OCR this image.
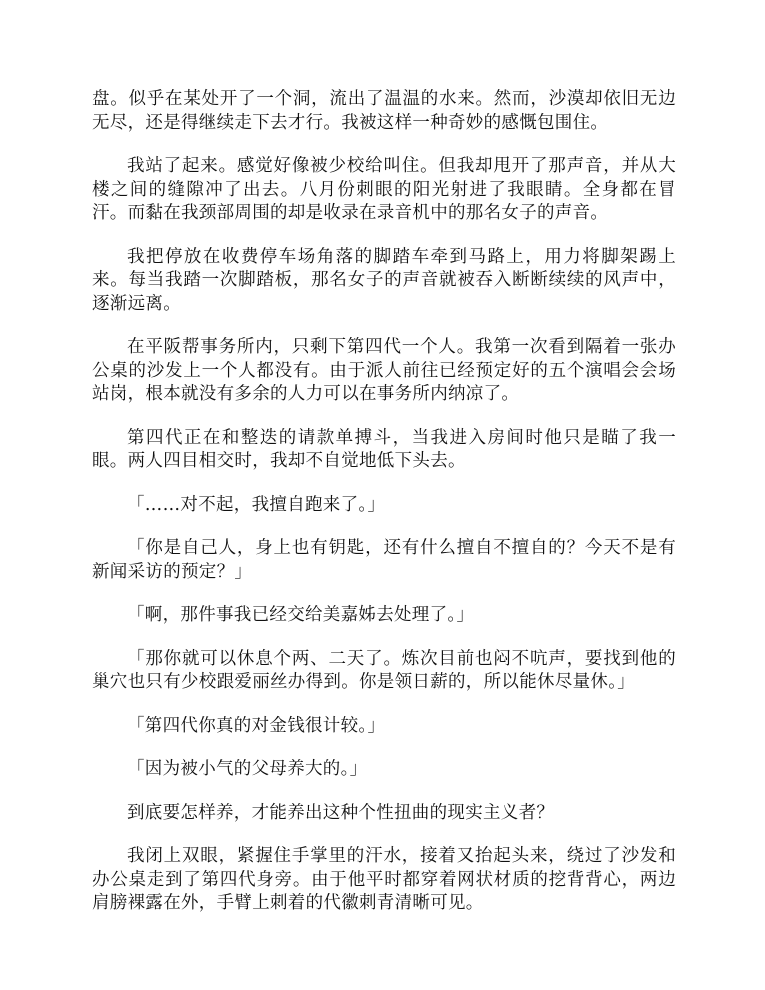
盘。似乎在某处开了一个洞，流出了温温的水来。然而，沙漠却依旧无边无尽，还是得继续走下去才行。我被这样一种奇妙的感慨包围住。

我站了起来。感觉好像被少校给叫住。但我却甩开了那声音，并从大楼之间的缝隙冲了出去。八月份刺眼的阳光射进了我眼睛。全身都在冒汗。而黏在我颈部周围的却是收录在录音机中的那名女子的声音。

我把停放在收费停车场角落的脚踏车牵到马路上，用力将脚架踢上来。每当我踏一次脚踏板，那名女子的声音就被吞入断断续续的风声中，逐渐远离。

在平阪帮事务所内，只剩下第四代一个人。我第一次看到隔着一张办公桌的沙发上一个人都没有。由于派人前往已经预定好的五个演唱会会场站岗，根本就没有多余的人力可以在事务所内纳凉了。

第四代正在和整迭的请款单搏斗，当我进入房间时他只是瞄了我一眼。两人四目相交时，我却不自觉地低下头去。

「……对不起，我擅自跑来了。」

「你是自己人，身上也有钥匙，还有什么擅自不擅自的？今天不是有新闻采访的预定？」

「啊，那件事我已经交给美嘉姊去处理了。」

「那你就可以休息个两、二天了。炼次目前也闷不吭声，要找到他的巢穴也只有少校跟爱丽丝办得到。你是领日薪的，所以能休尽量休。」

「第四代你真的对金钱很计较。」

「因为被小气的父母养大的。」

到底要怎样养，才能养出这种个性扭曲的现实主义者？

我闭上双眼，紧握住手掌里的汗水，接着又抬起头来，绕过了沙发和办公桌走到了第四代身旁。由于他平时都穿着网状材质的挖背背心，两边肩膀裸露在外，手臂上刺着的代徽刺青清晰可见。
